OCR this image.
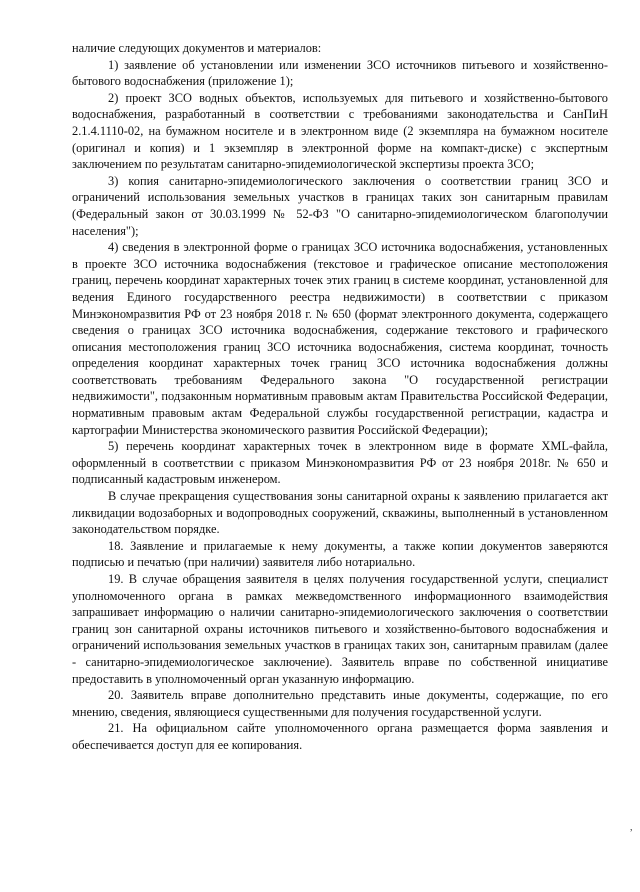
наличие следующих документов и материалов:

1) заявление об установлении или изменении ЗСО источников питьевого и хозяйственно-бытового водоснабжения (приложение 1);

2) проект ЗСО водных объектов, используемых для питьевого и хозяйственно-бытового водоснабжения, разработанный в соответствии с требованиями законодательства и СанПиН 2.1.4.1110-02, на бумажном носителе и в электронном виде (2 экземпляра на бумажном носителе (оригинал и копия) и 1 экземпляр в электронной форме на компакт-диске) с экспертным заключением по результатам санитарно-эпидемиологической экспертизы проекта ЗСО;

3) копия санитарно-эпидемиологического заключения о соответствии границ ЗСО и ограничений использования земельных участков в границах таких зон санитарным правилам (Федеральный закон от 30.03.1999 № 52-ФЗ "О санитарно-эпидемиологическом благополучии населения");

4) сведения в электронной форме о границах ЗСО источника водоснабжения, установленных в проекте ЗСО источника водоснабжения (текстовое и графическое описание местоположения границ, перечень координат характерных точек этих границ в системе координат, установленной для ведения Единого государственного реестра недвижимости) в соответствии с приказом Минэкономразвития РФ от 23 ноября 2018 г. № 650 (формат электронного документа, содержащего сведения о границах ЗСО источника водоснабжения, содержание текстового и графического описания местоположения границ ЗСО источника водоснабжения, система координат, точность определения координат характерных точек границ ЗСО источника водоснабжения должны соответствовать требованиям Федерального закона "О государственной регистрации недвижимости", подзаконным нормативным правовым актам Правительства Российской Федерации, нормативным правовым актам Федеральной службы государственной регистрации, кадастра и картографии Министерства экономического развития Российской Федерации);

5) перечень координат характерных точек в электронном виде в формате XML-файла, оформленный в соответствии с приказом Минэкономразвития РФ от 23 ноября 2018г. № 650 и подписанный кадастровым инженером.

В случае прекращения существования зоны санитарной охраны к заявлению прилагается акт ликвидации водозаборных и водопроводных сооружений, скважины, выполненный в установленном законодательством порядке.

18. Заявление и прилагаемые к нему документы, а также копии документов заверяются подписью и печатью (при наличии) заявителя либо нотариально.

19. В случае обращения заявителя в целях получения государственной услуги, специалист уполномоченного органа в рамках межведомственного информационного взаимодействия запрашивает информацию о наличии санитарно-эпидемиологического заключения о соответствии границ зон санитарной охраны источников питьевого и хозяйственно-бытового водоснабжения и ограничений использования земельных участков в границах таких зон, санитарным правилам (далее - санитарно-эпидемиологическое заключение). Заявитель вправе по собственной инициативе предоставить в уполномоченный орган указанную информацию.

20. Заявитель вправе дополнительно представить иные документы, содержащие, по его мнению, сведения, являющиеся существенными для получения государственной услуги.

21. На официальном сайте уполномоченного органа размещается форма заявления и обеспечивается доступ для ее копирования.

,
